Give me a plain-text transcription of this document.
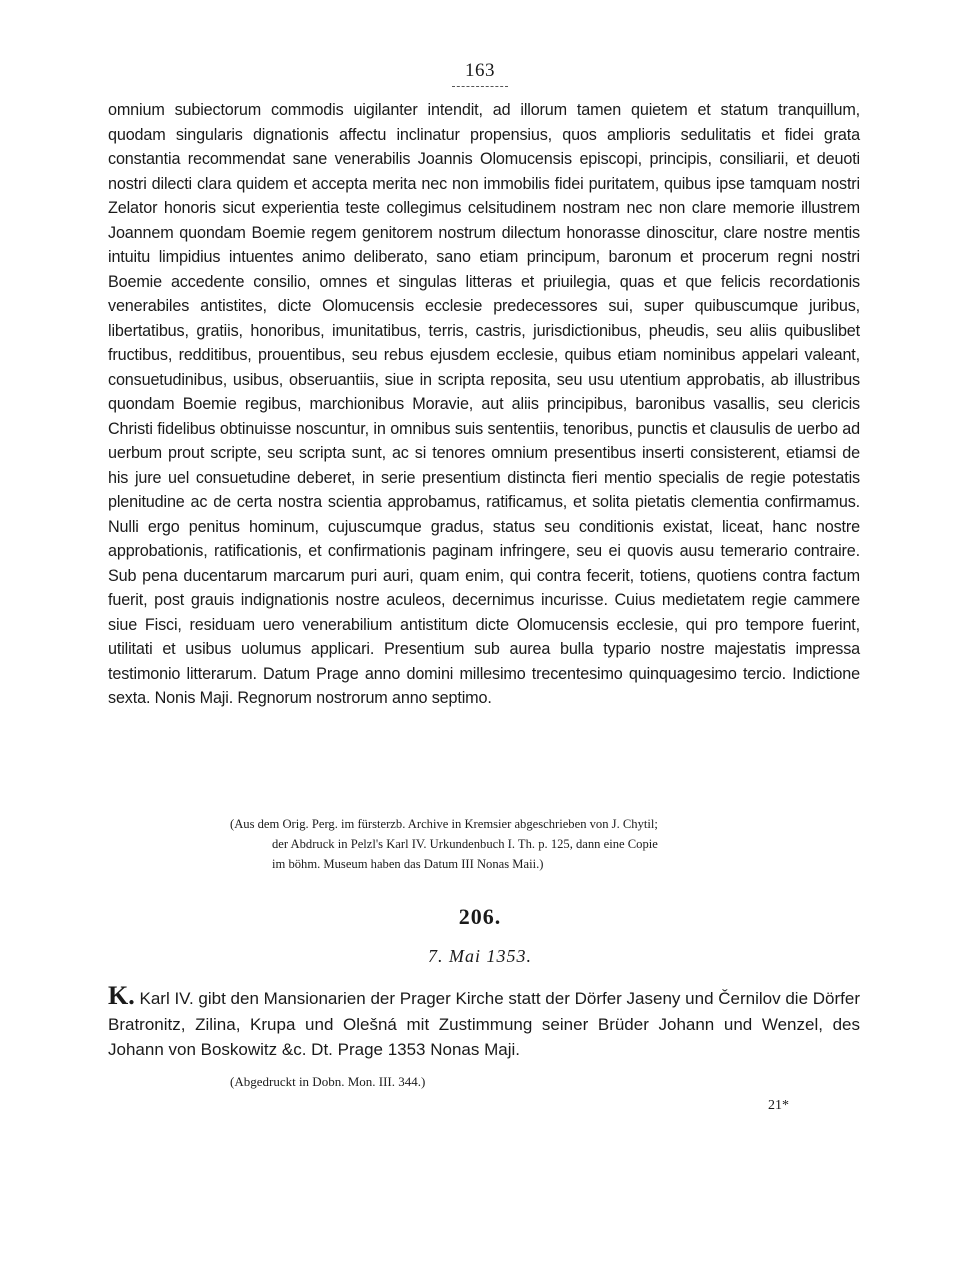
163

omnium subiectorum commodis uigilanter intendit, ad illorum tamen quietem et statum tranquillum, quodam singularis dignationis affectu inclinatur propensius, quos amplioris sedulitatis et fidei grata constantia recommendat sane venerabilis Joannis Olomucensis episcopi, principis, consiliarii, et deuoti nostri dilecti clara quidem et accepta merita nec non immobilis fidei puritatem, quibus ipse tamquam nostri Zelator honoris sicut experientia teste collegimus celsitudinem nostram nec non clare memorie illustrem Joannem quondam Boemie regem genitorem nostrum dilectum honorasse dinoscitur, clare nostre mentis intuitu limpidius intuentes animo deliberato, sano etiam principum, baronum et procerum regni nostri Boemie accedente consilio, omnes et singulas litteras et priuilegia, quas et que felicis recordationis venerabiles antistites, dicte Olomucensis ecclesie predecessores sui, super quibuscumque juribus, libertatibus, gratiis, honoribus, imunitatibus, terris, castris, jurisdictionibus, pheudis, seu aliis quibuslibet fructibus, redditibus, prouentibus, seu rebus ejusdem ecclesie, quibus etiam nominibus appelari valeant, consuetudinibus, usibus, obseruantiis, siue in scripta reposita, seu usu utentium approbatis, ab illustribus quondam Boemie regibus, marchionibus Moravie, aut aliis principibus, baronibus vasallis, seu clericis Christi fidelibus obtinuisse noscuntur, in omnibus suis sententiis, tenoribus, punctis et clausulis de uerbo ad uerbum prout scripte, seu scripta sunt, ac si tenores omnium presentibus inserti consisterent, etiamsi de his jure uel consuetudine deberet, in serie presentium distincta fieri mentio specialis de regie potestatis plenitudine ac de certa nostra scientia approbamus, ratificamus, et solita pietatis clementia confirmamus. Nulli ergo penitus hominum, cujuscumque gradus, status seu conditionis existat, liceat, hanc nostre approbationis, ratificationis, et confirmationis paginam infringere, seu ei quovis ausu temerario contraire. Sub pena ducentarum marcarum puri auri, quam enim, qui contra fecerit, totiens, quotiens contra factum fuerit, post grauis indignationis nostre aculeos, decernimus incurisse. Cuius medietatem regie cammere siue Fisci, residuam uero venerabilium antistitum dicte Olomucensis ecclesie, qui pro tempore fuerint, utilitati et usibus uolumus applicari. Presentium sub aurea bulla typario nostre majestatis impressa testimonio litterarum. Datum Prage anno domini millesimo trecentesimo quinquagesimo tercio. Indictione sexta. Nonis Maji. Regnorum nostrorum anno septimo.

(Aus dem Orig. Perg. im fürsterzb. Archive in Kremsier abgeschrieben von J. Chytil;
der Abdruck in Pelzl's Karl IV. Urkundenbuch I. Th. p. 125, dann eine Copie
im böhm. Museum haben das Datum III Nonas Maii.)
206.
7. Mai 1353.

K. Karl IV. gibt den Mansionarien der Prager Kirche statt der Dörfer Jaseny und Černilov die Dörfer Bratronitz, Zilina, Krupa und Olešná mit Zustimmung seiner Brüder Johann und Wenzel, des Johann von Boskowitz &c. Dt. Prage 1353 Nonas Maji.

(Abgedruckt in Dobn. Mon. III. 344.)
21*
